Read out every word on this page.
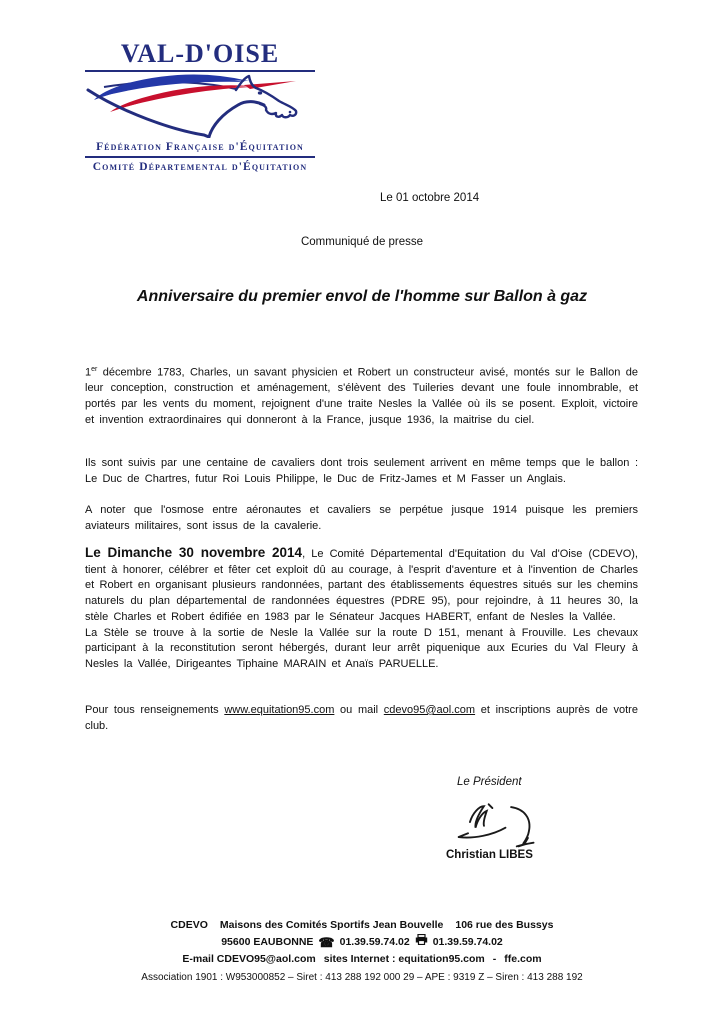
VAL-D'OISE
Fédération Française d'Équitation
Comité Départemental d'Équitation
Le 01 octobre 2014
Communiqué de presse
Anniversaire du premier envol de l'homme sur Ballon à gaz
1er décembre 1783, Charles, un savant physicien et Robert un constructeur avisé, montés sur le Ballon de leur conception, construction et aménagement, s'élèvent des Tuileries devant une foule innombrable, et portés par les vents du moment, rejoignent d'une traite Nesles la Vallée où ils se posent. Exploit, victoire et invention extraordinaires qui donneront à la France, jusque 1936, la maitrise du ciel.
Ils sont suivis par une centaine de cavaliers dont trois seulement arrivent en même temps que le ballon : Le Duc de Chartres, futur Roi Louis Philippe, le Duc de Fritz-James et M Fasser un Anglais.
A noter que l'osmose entre aéronautes et cavaliers se perpétue jusque 1914 puisque les premiers aviateurs militaires, sont issus de la cavalerie.

Le Dimanche 30 novembre 2014, Le Comité Départemental d'Equitation du Val d'Oise (CDEVO), tient à honorer, célébrer et fêter cet exploit dû au courage, à l'esprit d'aventure et à l'invention de Charles et Robert en organisant plusieurs randonnées, partant des établissements équestres situés sur les chemins naturels du plan départemental de randonnées équestres (PDRE 95), pour rejoindre, à 11 heures 30, la stèle Charles et Robert édifiée en 1983 par le Sénateur Jacques HABERT, enfant de Nesles la Vallée.

La Stèle se trouve à la sortie de Nesle la Vallée sur la route D 151, menant à Frouville. Les chevaux participant à la reconstitution seront hébergés, durant leur arrêt piquenique aux Ecuries du Val Fleury à Nesles la Vallée, Dirigeantes Tiphaine MARAIN et Anaïs PARUELLE.

Pour tous renseignements www.equitation95.com ou mail cdevo95@aol.com et inscriptions auprès de votre club.
Le Président
Christian LIBES
CDEVO Maisons des Comités Sportifs Jean Bouvelle 106 rue des Bussys
95600 EAUBONNE ☎ 01.39.59.74.02 01.39.59.74.02
E-mail CDEVO95@aol.com sites Internet : equitation95.com - ffe.com
Association 1901 : W953000852 – Siret : 413 288 192 000 29 – APE : 9319 Z – Siren : 413 288 192
